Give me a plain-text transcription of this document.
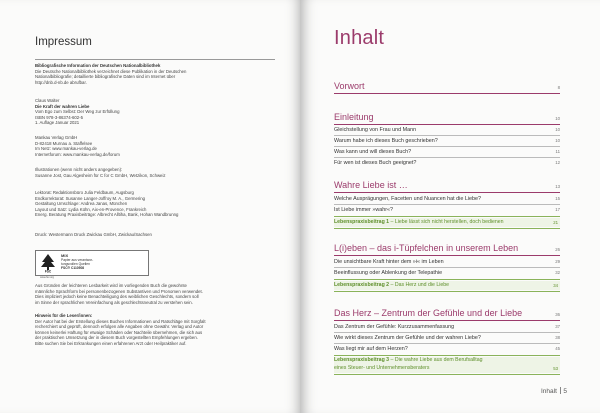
Impressum

Bibliografische Information der Deutschen Nationalbibliothek

Die Deutsche Nationalbibliothek verzeichnet diese Publikation in der Deutschen

Nationalbibliografie; detaillierte bibliografische Daten sind im Internet über

http://dnb.d-nb.de abrufbar.

Claus Walter

Die Kraft der wahren Liebe

Vom Ego zum Selbst: Der Weg zur Erfüllung

ISBN 978-3-86374-602-5

1. Auflage Januar 2021

Mankau Verlag GmbH

D-82418 Murnau a. Staffelsee

Im Netz: www.mankau-verlag.de

Internetforum: www.mankau-verlag.de/forum

Illustrationen (wenn nicht anders angegeben):

Susanne Jost, Gau Algesheim für C for C GmbH, Wetzikon, Schweiz

Lektorat: Redaktionsbüro Julia Feldbaum, Augsburg

Endkorrektorat: Susanne Langer-Joffroy M. A., Germering

Gestaltung Umschlage: Andrea Janas, München

Layout und Satz: Lydia Kühn, Aix-en-Provence, Frankreich

Energ. Beratung Praxisbeiträge: Albrecht Alltiha, Bank, Hohan Wandbrunng

Druck: Westermann Druck Zwickau GmbH, Zwickau/Sachsen

FSC
MIX
Papier aus verantwor-
tungsvollen Quellen
FSC® C110508
www.fsc.org

Aus Gründen der leichteren Lesbarkeit wird im vorliegenden Buch die gewohnte

männliche Sprachform bei personenbezogenen Substantiven und Pronomen verwendet.

Dies impliziert jedoch keine Benachteiligung des weiblichen Geschlechts, sondern soll

im Sinne der sprachlichen Vereinfachung als geschlechtsneutral zu verstehen sein.

Hinweis für die Leser/innen:

Der Autor hat bei der Erstellung dieses Buches Informationen und Ratschläge mit Sorgfalt

recherchiert und geprüft, dennoch erfolgen alle Angaben ohne Gewähr. Verlag und Autor

können keinerlei Haftung für etwaige Schäden oder Nachteile übernehmen, die sich aus

der praktischen Umsetzung der in diesem Buch vorgestellten Empfehlungen ergeben.

Bitte suchen Sie bei Erkrankungen einen erfahrenen Arzt oder Heilpraktiker auf.

Inhalt
Vorwort	8
Einleitung	10
Gleichstellung von Frau und Mann	10
Warum habe ich dieses Buch geschrieben?	10
Was kann und will dieses Buch?	11
Für wen ist dieses Buch geeignet?	12
Wahre Liebe ist …	13
Welche Ausprägungen, Facetten und Nuancen hat die Liebe?	15
Ist Liebe immer »wahr«?	17
Lebenspraxisbeitrag 1 – Liebe lässt sich nicht herstellen, doch bedienen	21
L(i)eben – das i-Tüpfelchen in unserem Leben	26
Die unsichtbare Kraft hinter dem »i« im Leben	29
Beeinflussung oder Ablenkung der Telepathie	32
Lebenspraxisbeitrag 2 – Das Herz und die Liebe	34
Das Herz – Zentrum der Gefühle und der Liebe	36
Das Zentrum der Gefühle: Kurzzusammenfassung	37
Wie wirkt dieses Zentrum der Gefühle und der wahren Liebe?	38
Was liegt mir auf dem Herzen?	45
Lebenspraxisbeitrag 3 – Die wahre Liebe aus dem Berufsalltag
eines Steuer- und Unternehmensberaters	53
Inhalt 5
